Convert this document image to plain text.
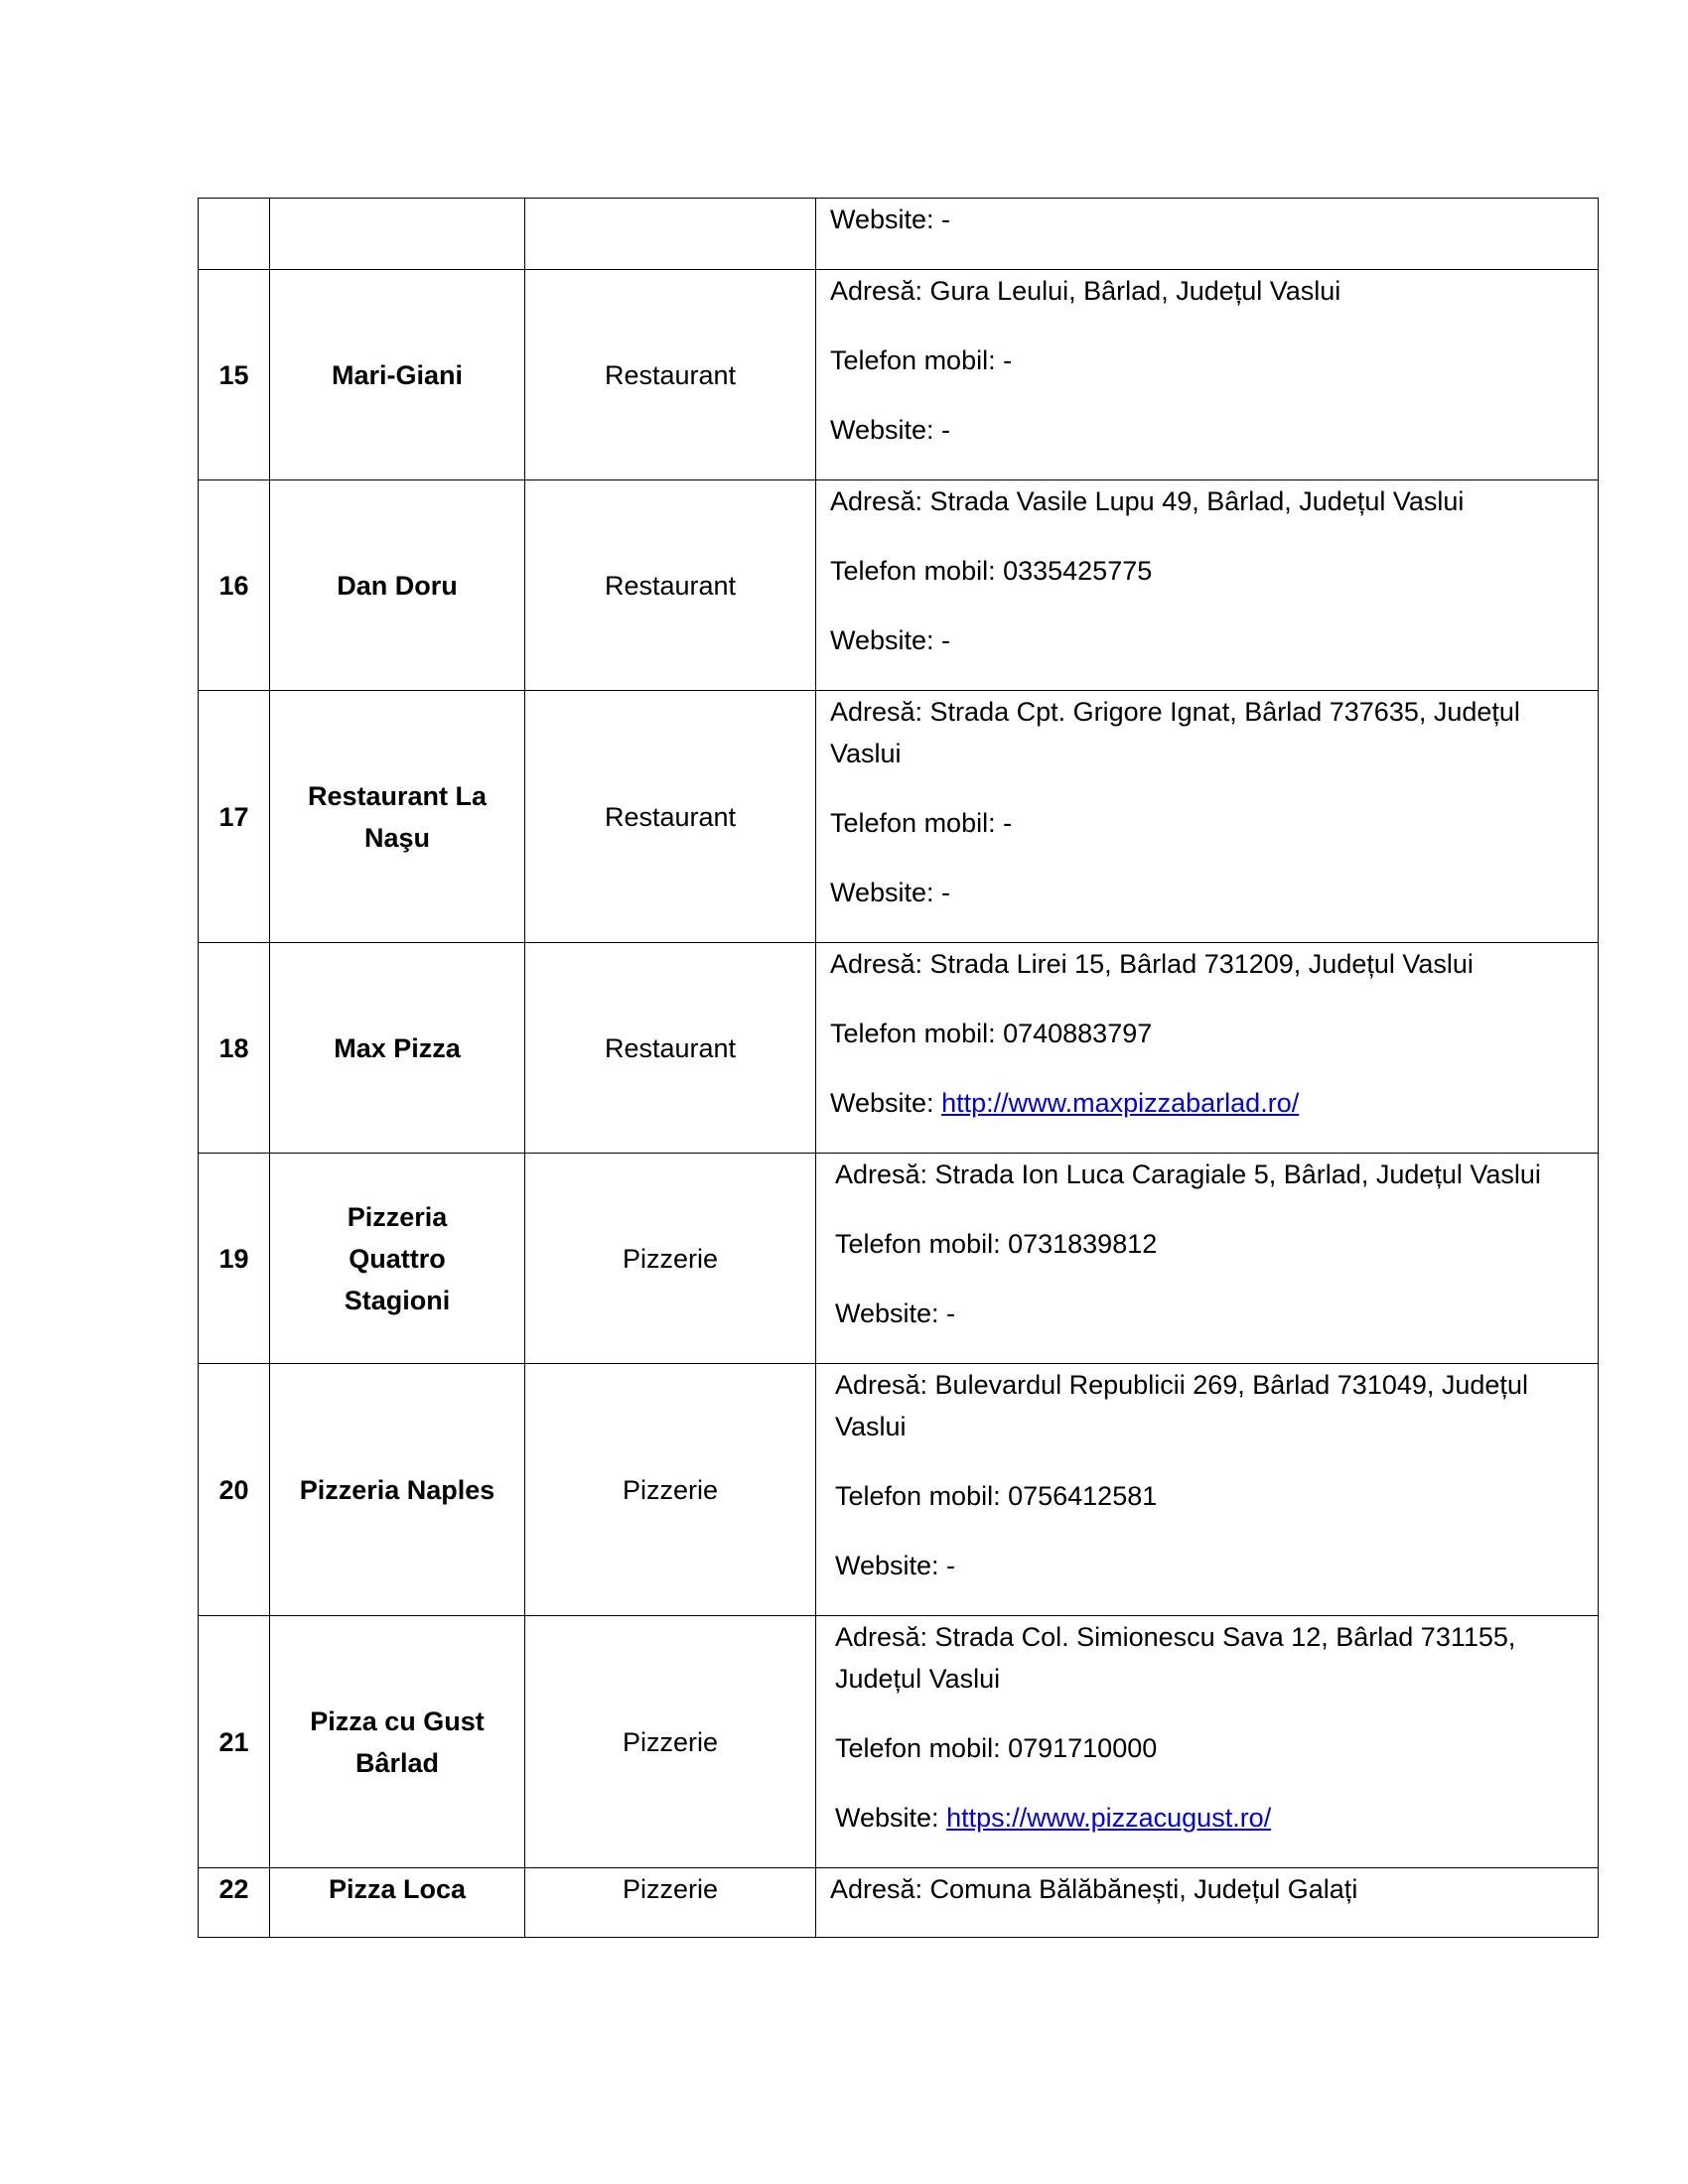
			Website: -

15	Mari-Giani	Restaurant	Adresă: Gura Leului, Bârlad, Județul Vaslui
Telefon mobil: -
Website: -

16	Dan Doru	Restaurant	Adresă: Strada Vasile Lupu 49, Bârlad, Județul Vaslui
Telefon mobil: 0335425775
Website: -

17	Restaurant La Naşu	Restaurant	Adresă: Strada Cpt. Grigore Ignat, Bârlad 737635, Județul Vaslui
Telefon mobil: -
Website: -

18	Max Pizza	Restaurant	Adresă: Strada Lirei 15, Bârlad 731209, Județul Vaslui
Telefon mobil: 0740883797
Website: http://www.maxpizzabarlad.ro/

19	Pizzeria Quattro Stagioni	Pizzerie	Adresă: Strada Ion Luca Caragiale 5, Bârlad, Județul Vaslui
Telefon mobil: 0731839812
Website: -

20	Pizzeria Naples	Pizzerie	Adresă: Bulevardul Republicii 269, Bârlad 731049, Județul Vaslui
Telefon mobil: 0756412581
Website: -

21	Pizza cu Gust Bârlad	Pizzerie	Adresă: Strada Col. Simionescu Sava 12, Bârlad 731155, Județul Vaslui
Telefon mobil: 0791710000
Website: https://www.pizzacugust.ro/

22	Pizza Loca	Pizzerie	Adresă: Comuna Bălăbănești, Județul Galați
